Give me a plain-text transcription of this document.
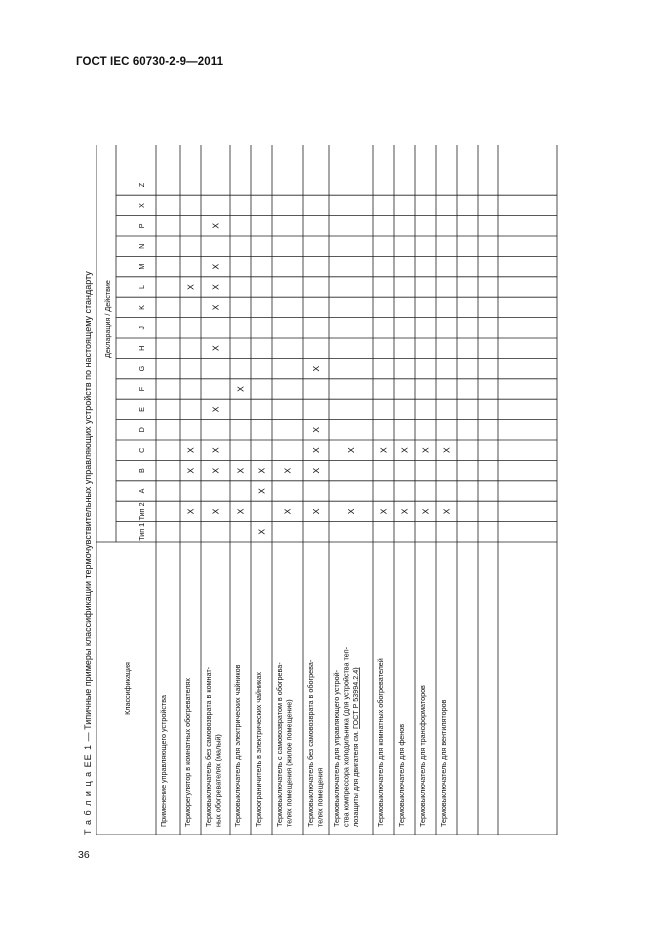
ГОСТ IEC 60730-2-9—2011
Т а б л и ц а ЕЕ 1 — Типичные примеры классификации термочувствительных управляющих устройств по настоящему стандарту	Классификация
Декларация / Действие
Тип 1
Тип 2
A
B
C
D
E
F
G
H
J
K
L
M
N
P
X
Z
Применение управляющего устройства Терморегулятор в комнатных обогревателях
X
X
X
X
Термовыключатель без самовозврата в комнат- ных обогревателях (малый)
X
X
X
X
X
X
X
X
X
Термовыключатель для электрических чайников
X
X
X
Термоограничитель в электрических чайниках
X
X
X
Термовыключатель с самовозвратом в обогрева- телях помещения (жилое помещение)
X
X
Термовыключатель без самовозврата в обогрева- телях помещения
X
X
X
X
X
Термовыключатель для управляющего устрой- ства компрессора холодильника (для устройства теп- лозащиты для двигателя см. ГОСТ Р 53994.2.4)
X
X
Термовыключатель для комнатных обогревателей
X
X
Термовыключатель для фенов
X
X
Термовыключатель для трансформаторов
X
X
Термовыключатель для вентиляторов
X
X
36
